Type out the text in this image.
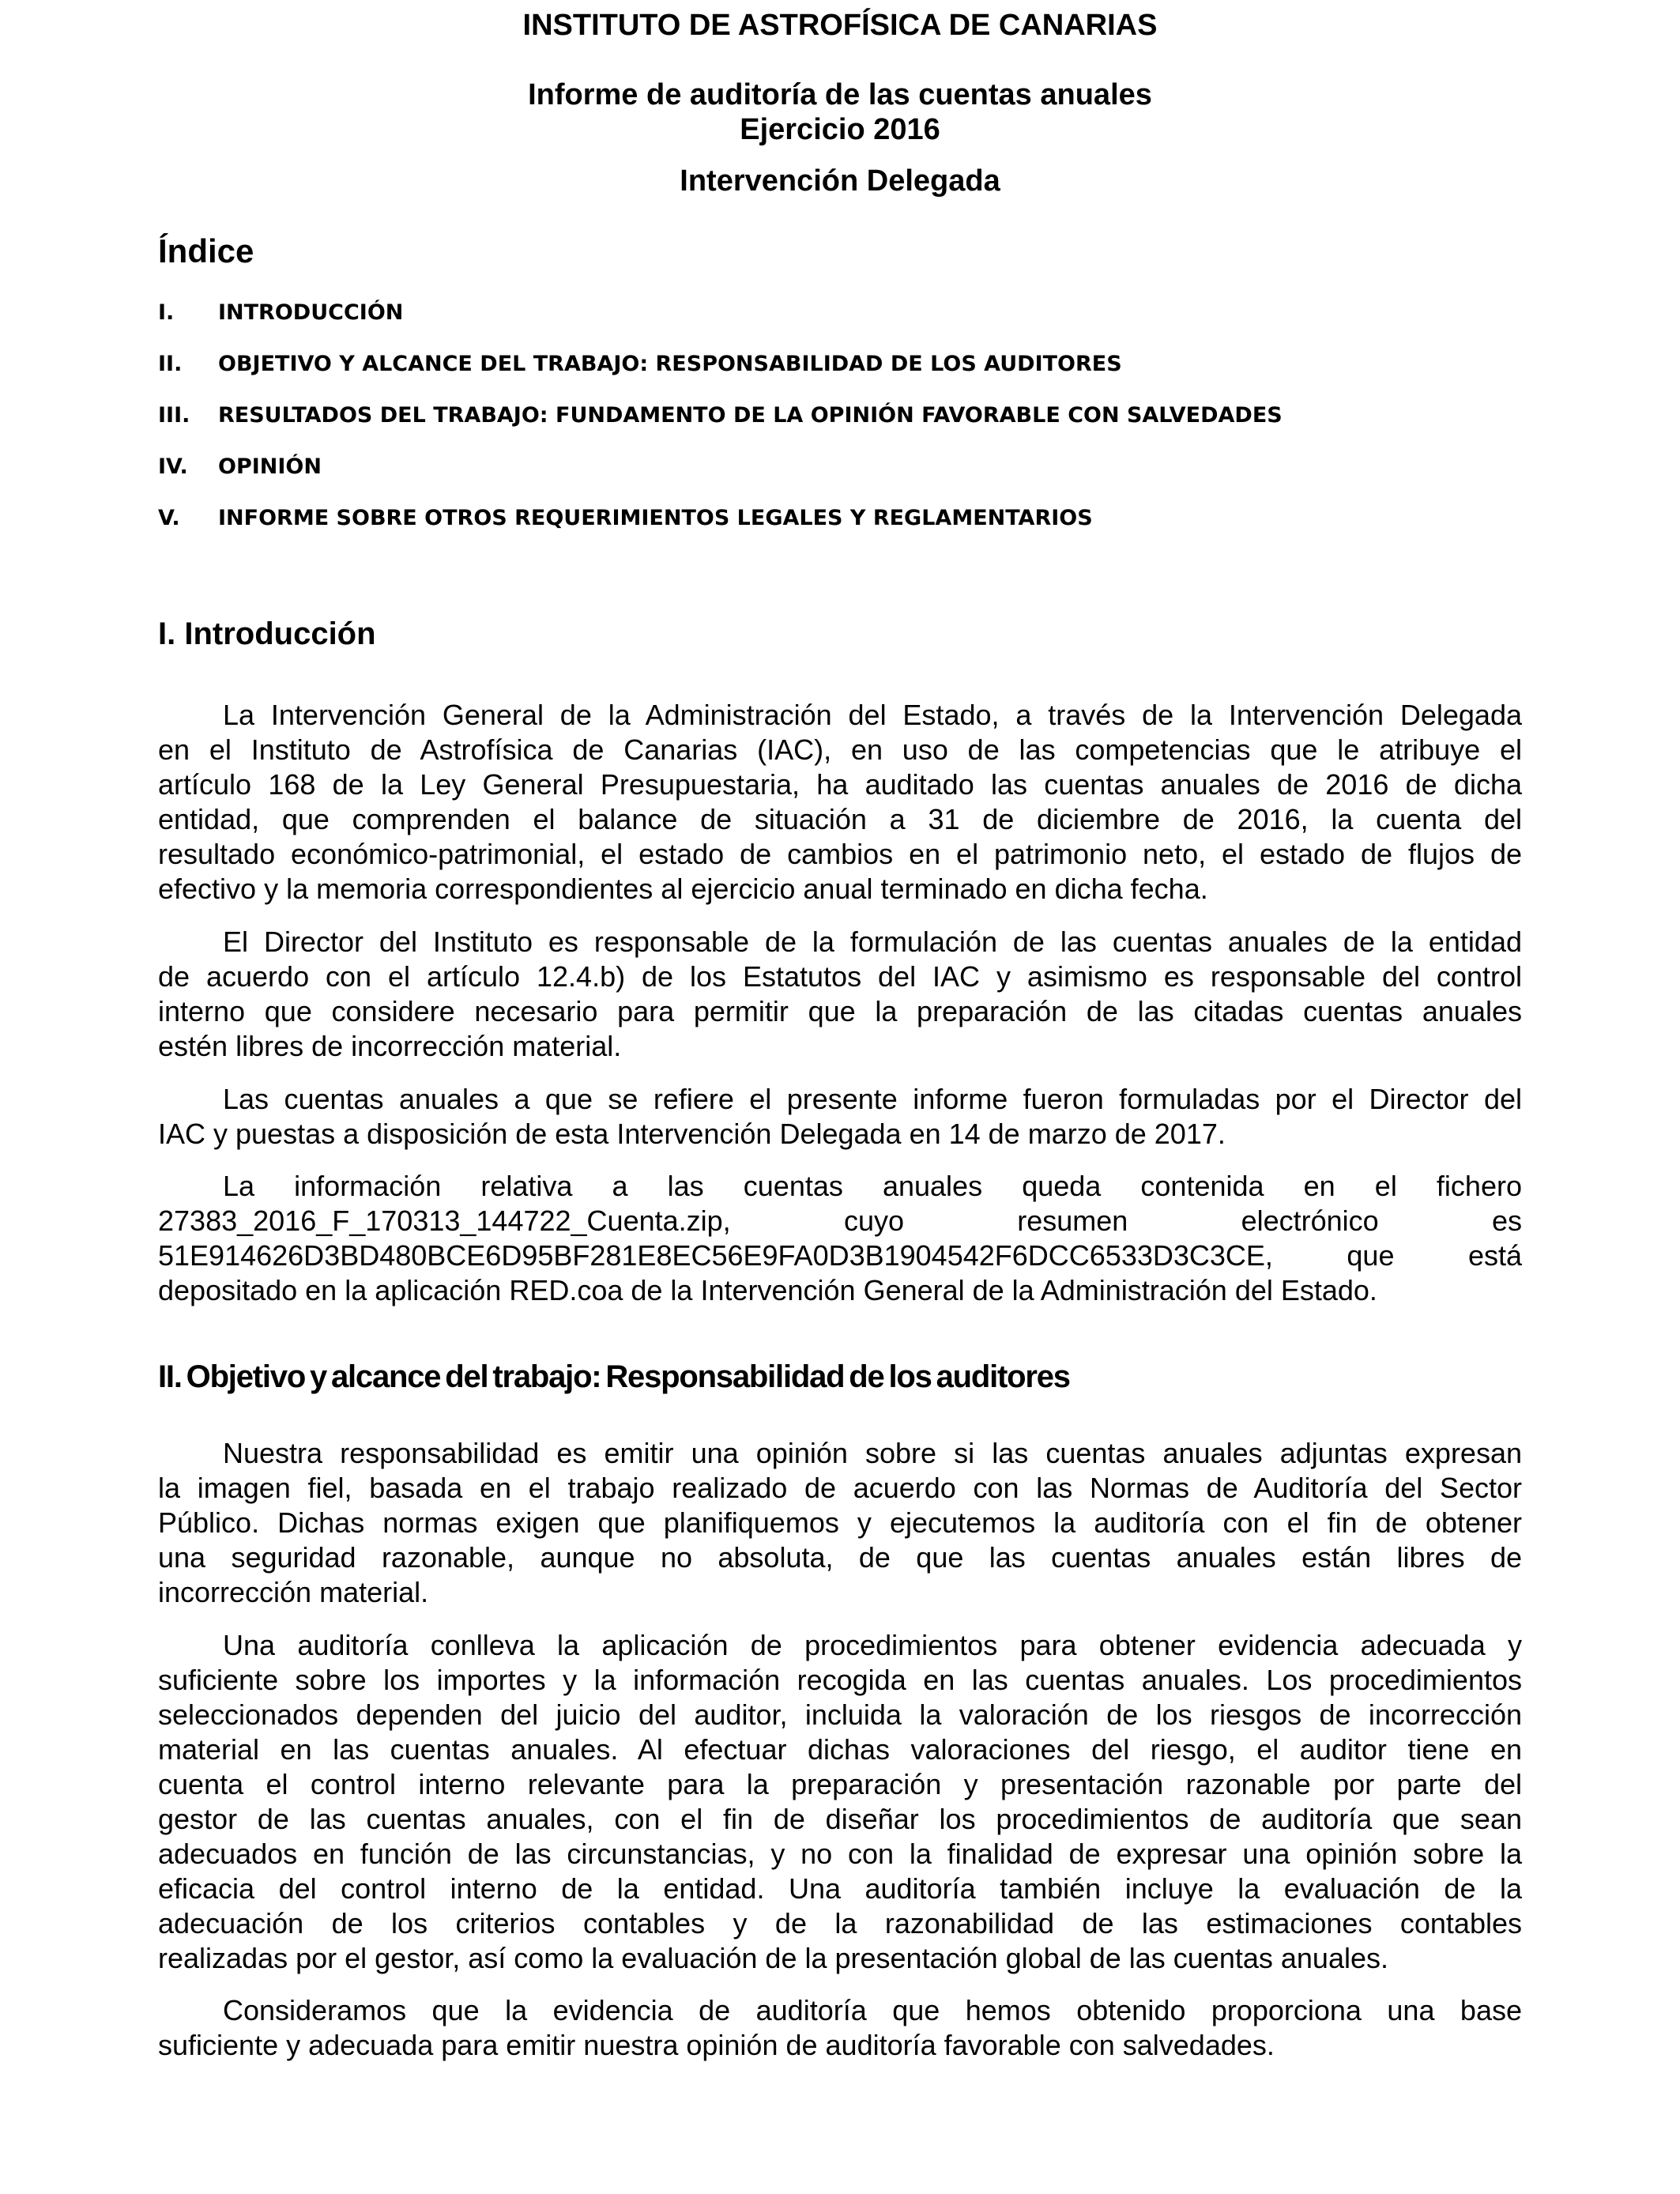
INSTITUTO DE ASTROFÍSICA DE CANARIAS
Informe de auditoría de las cuentas anuales
Ejercicio 2016
Intervención Delegada
Índice
I. INTRODUCCIÓN
II. OBJETIVO Y ALCANCE DEL TRABAJO: RESPONSABILIDAD DE LOS AUDITORES
III. RESULTADOS DEL TRABAJO: FUNDAMENTO DE LA OPINIÓN FAVORABLE CON SALVEDADES
IV. OPINIÓN
V. INFORME SOBRE OTROS REQUERIMIENTOS LEGALES Y REGLAMENTARIOS
I. Introducción
La Intervención General de la Administración del Estado, a través de la Intervención Delegada
en el Instituto de Astrofísica de Canarias (IAC), en uso de las competencias que le atribuye el
artículo 168 de la Ley General Presupuestaria, ha auditado las cuentas anuales de 2016 de dicha
entidad, que comprenden el balance de situación a 31 de diciembre de 2016, la cuenta del
resultado económico-patrimonial, el estado de cambios en el patrimonio neto, el estado de flujos de
efectivo y la memoria correspondientes al ejercicio anual terminado en dicha fecha.
El Director del Instituto es responsable de la formulación de las cuentas anuales de la entidad
de acuerdo con el artículo 12.4.b) de los Estatutos del IAC y asimismo es responsable del control
interno que considere necesario para permitir que la preparación de las citadas cuentas anuales
estén libres de incorrección material.
Las cuentas anuales a que se refiere el presente informe fueron formuladas por el Director del
IAC y puestas a disposición de esta Intervención Delegada en 14 de marzo de 2017.
La información relativa a las cuentas anuales queda contenida en el fichero
27383_2016_F_170313_144722_Cuenta.zip, cuyo resumen electrónico es
51E914626D3BD480BCE6D95BF281E8EC56E9FA0D3B1904542F6DCC6533D3C3CE, que está
depositado en la aplicación RED.coa de la Intervención General de la Administración del Estado.
II. Objetivo y alcance del trabajo: Responsabilidad de los auditores
Nuestra responsabilidad es emitir una opinión sobre si las cuentas anuales adjuntas expresan
la imagen fiel, basada en el trabajo realizado de acuerdo con las Normas de Auditoría del Sector
Público. Dichas normas exigen que planifiquemos y ejecutemos la auditoría con el fin de obtener
una seguridad razonable, aunque no absoluta, de que las cuentas anuales están libres de
incorrección material.
Una auditoría conlleva la aplicación de procedimientos para obtener evidencia adecuada y
suficiente sobre los importes y la información recogida en las cuentas anuales. Los procedimientos
seleccionados dependen del juicio del auditor, incluida la valoración de los riesgos de incorrección
material en las cuentas anuales. Al efectuar dichas valoraciones del riesgo, el auditor tiene en
cuenta el control interno relevante para la preparación y presentación razonable por parte del
gestor de las cuentas anuales, con el fin de diseñar los procedimientos de auditoría que sean
adecuados en función de las circunstancias, y no con la finalidad de expresar una opinión sobre la
eficacia del control interno de la entidad. Una auditoría también incluye la evaluación de la
adecuación de los criterios contables y de la razonabilidad de las estimaciones contables
realizadas por el gestor, así como la evaluación de la presentación global de las cuentas anuales.
Consideramos que la evidencia de auditoría que hemos obtenido proporciona una base
suficiente y adecuada para emitir nuestra opinión de auditoría favorable con salvedades.
